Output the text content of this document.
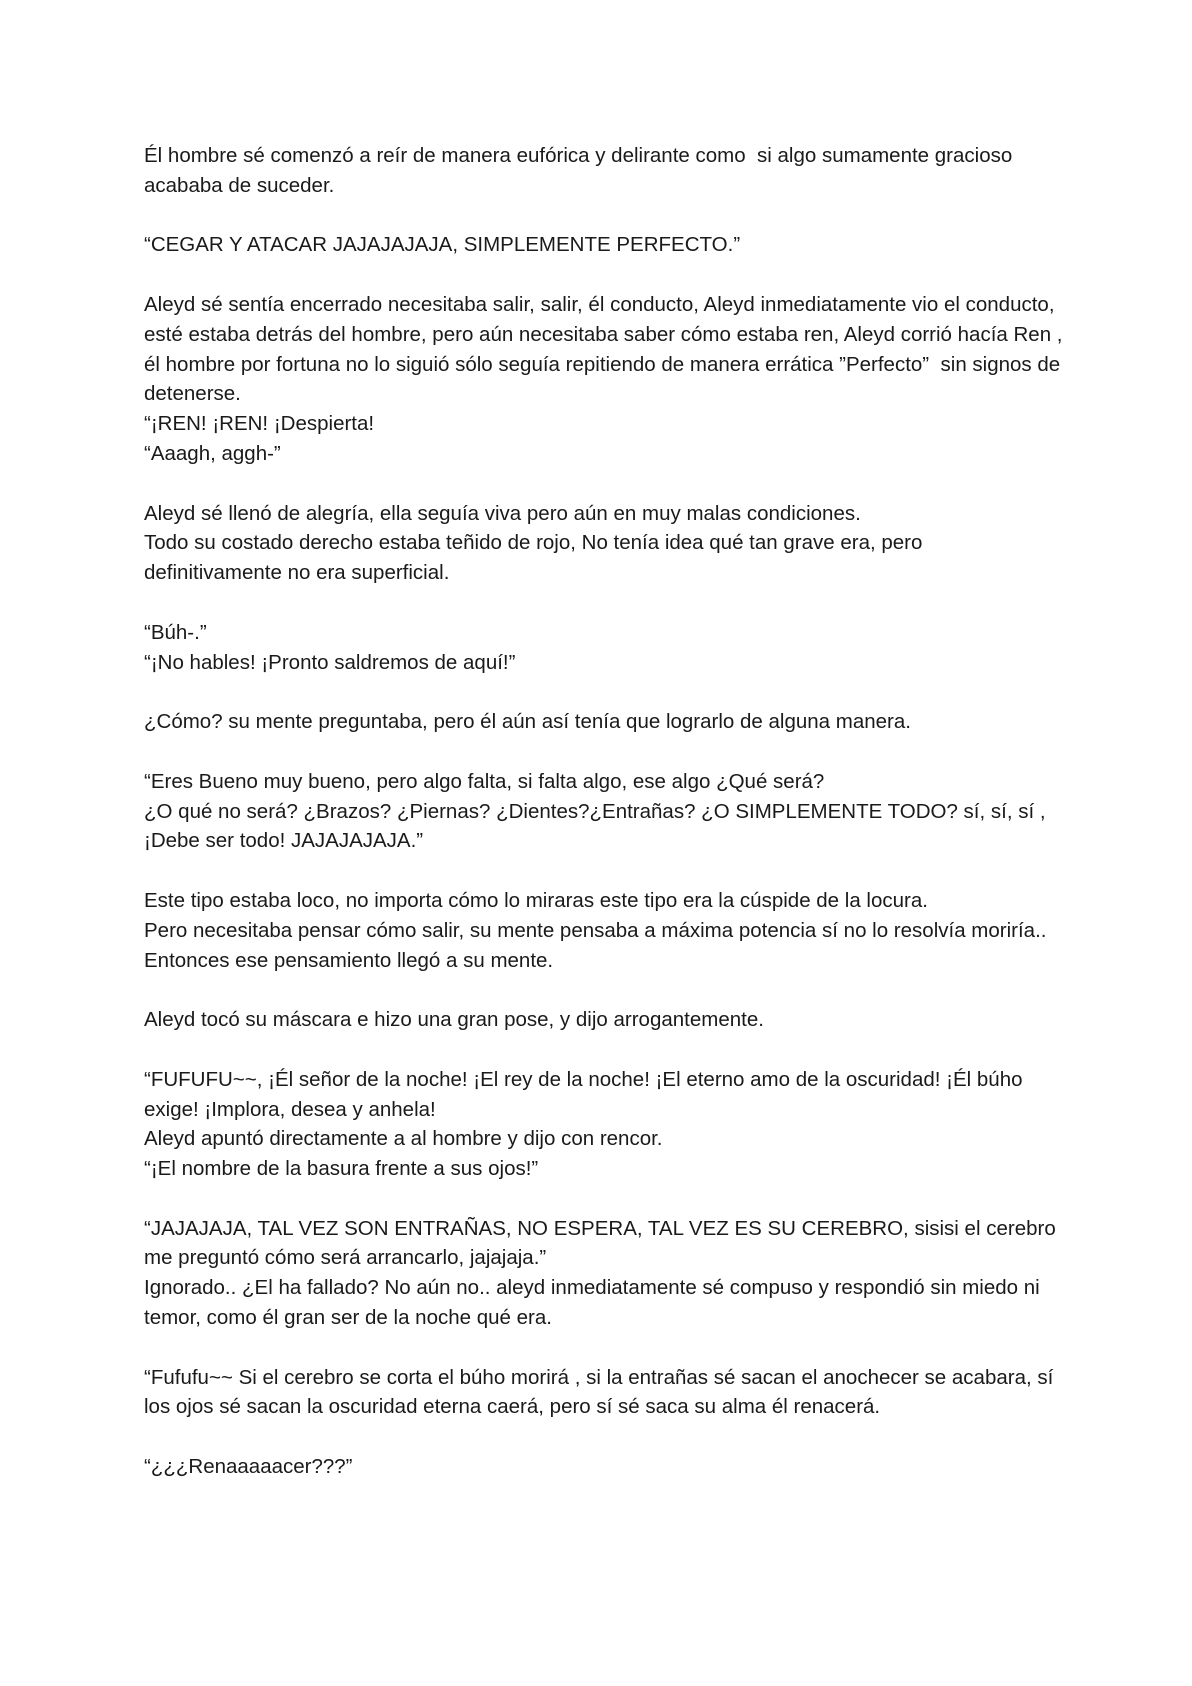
Él hombre sé comenzó a reír de manera eufórica y delirante como  si algo sumamente gracioso acababa de suceder.

“CEGAR Y ATACAR JAJAJAJAJA, SIMPLEMENTE PERFECTO.”

Aleyd sé sentía encerrado necesitaba salir, salir, él conducto, Aleyd inmediatamente vio el conducto, esté estaba detrás del hombre, pero aún necesitaba saber cómo estaba ren, Aleyd corrió hacía Ren , él hombre por fortuna no lo siguió sólo seguía repitiendo de manera errática ”Perfecto”  sin signos de detenerse.

“¡REN! ¡REN! ¡Despierta!

“Aaagh, aggh-”

Aleyd sé llenó de alegría, ella seguía viva pero aún en muy malas condiciones.

Todo su costado derecho estaba teñido de rojo, No tenía idea qué tan grave era, pero definitivamente no era superficial.

“Búh-.”

“¡No hables! ¡Pronto saldremos de aquí!”

¿Cómo? su mente preguntaba, pero él aún así tenía que lograrlo de alguna manera.

“Eres Bueno muy bueno, pero algo falta, si falta algo, ese algo ¿Qué será?

¿O qué no será? ¿Brazos? ¿Piernas? ¿Dientes?¿Entrañas? ¿O SIMPLEMENTE TODO? sí, sí, sí , ¡Debe ser todo! JAJAJAJAJA.”

Este tipo estaba loco, no importa cómo lo miraras este tipo era la cúspide de la locura.

Pero necesitaba pensar cómo salir, su mente pensaba a máxima potencia sí no lo resolvía moriría.. Entonces ese pensamiento llegó a su mente.

Aleyd tocó su máscara e hizo una gran pose, y dijo arrogantemente.

“FUFUFU~~, ¡Él señor de la noche! ¡El rey de la noche! ¡El eterno amo de la oscuridad! ¡Él búho exige! ¡Implora, desea y anhela!

Aleyd apuntó directamente a al hombre y dijo con rencor.

“¡El nombre de la basura frente a sus ojos!”

“JAJAJAJA, TAL VEZ SON ENTRAÑAS, NO ESPERA, TAL VEZ ES SU CEREBRO, sisisi el cerebro me preguntó cómo será arrancarlo, jajajaja.”

Ignorado.. ¿El ha fallado? No aún no.. aleyd inmediatamente sé compuso y respondió sin miedo ni temor, como él gran ser de la noche qué era.

“Fufufu~~ Si el cerebro se corta el búho morirá , si la entrañas sé sacan el anochecer se acabara, sí los ojos sé sacan la oscuridad eterna caerá, pero sí sé saca su alma él renacerá.

“¿¿¿Renaaaaacer???”
